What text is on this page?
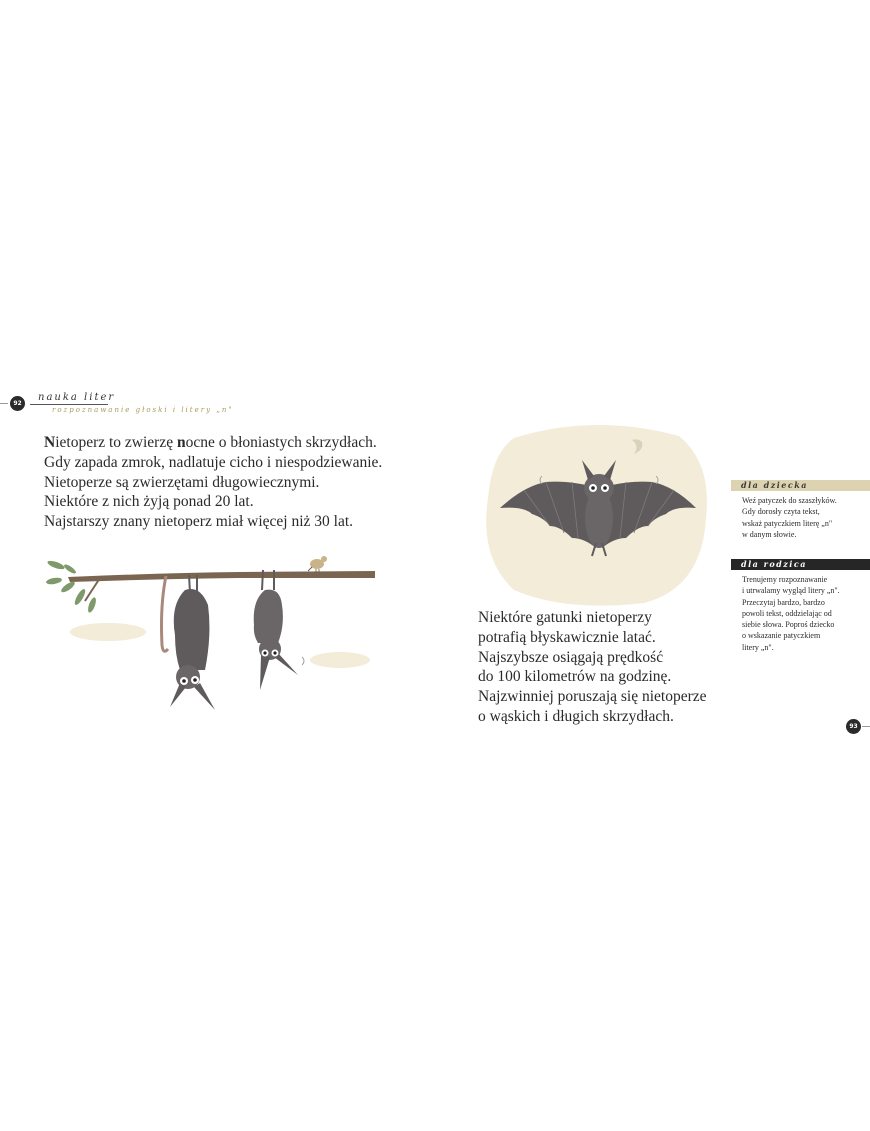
92
nauka liter
rozpoznawanie głoski i litery „n"
Nietoperz to zwierzę nocne o błoniastych skrzydłach.
Gdy zapada zmrok, nadlatuje cicho i niespodziewanie.
Nietoperze są zwierzętami długowiecznymi.
Niektóre z nich żyją ponad 20 lat.
Najstarszy znany nietoperz miał więcej niż 30 lat.
Niektóre gatunki nietoperzy
potrafią błyskawicznie latać.
Najszybsze osiągają prędkość
do 100 kilometrów na godzinę.
Najzwinniej poruszają się nietoperze
o wąskich i długich skrzydłach.
dla dziecka
Weź patyczek do szaszłyków.
Gdy dorosły czyta tekst,
wskaż patyczkiem literę „n"
w danym słowie.
dla rodzica
Trenujemy rozpoznawanie
i utrwalamy wygląd litery „n".
Przeczytaj bardzo, bardzo
powoli tekst, oddzielając od
siebie słowa. Poproś dziecko
o wskazanie patyczkiem
litery „n".
93
